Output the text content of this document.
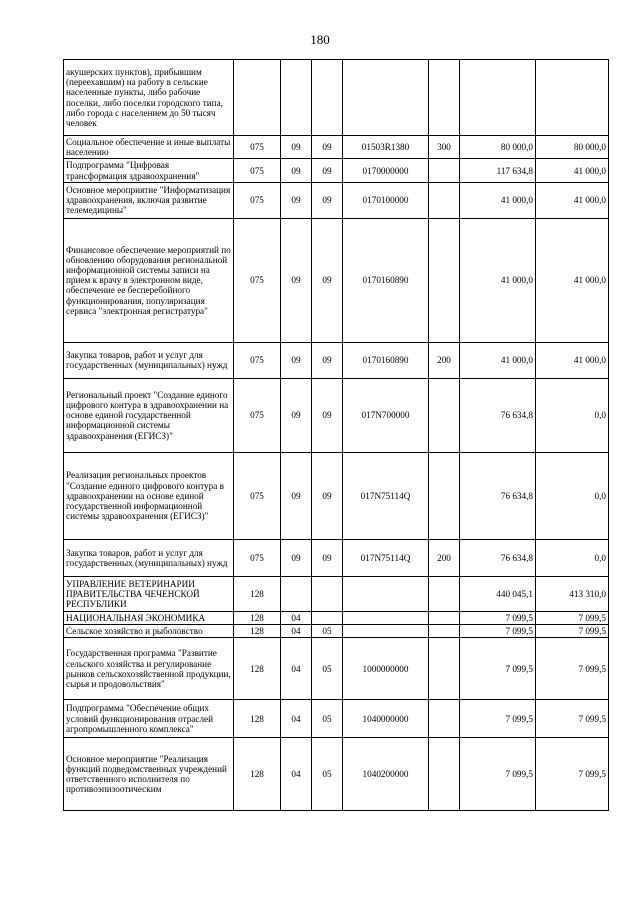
180
акушерских пунктов), прибывшим (переехавшим) на работу в сельские населенные пункты, либо рабочие поселки, либо поселки городского типа, либо города с населением до 50 тысяч человек							
Социальное обеспечение и иные выплаты населению	075	09	09	01503R1380	300	80 000,0	80 000,0
Подпрограмма "Цифровая трансформация здравоохранения"	075	09	09	0170000000		117 634,8	41 000,0
Основное мероприятие "Информатизация здравоохранения, включая развитие телемедицины"	075	09	09	0170100000		41 000,0	41 000,0
Финансовое обеспечение мероприятий по обновлению оборудования региональной информационной системы записи на прием к врачу в электронном виде, обеспечение ее бесперебойного функционирования, популяризация сервиса "электронная регистратура"	075	09	09	0170160890		41 000,0	41 000,0
Закупка товаров, работ и услуг для государственных (муниципальных) нужд	075	09	09	0170160890	200	41 000,0	41 000,0
Региональный проект "Создание единого цифрового контура в здравоохранении на основе единой государственной информационной системы здравоохранения (ЕГИСЗ)"	075	09	09	017N700000		76 634,8	0,0
Реализация региональных проектов "Создание единого цифрового контура в здравоохранении на основе единой государственной информационной системы здравоохранения (ЕГИСЗ)"	075	09	09	017N75114Q		76 634,8	0,0
Закупка товаров, работ и услуг для государственных (муниципальных) нужд	075	09	09	017N75114Q	200	76 634,8	0,0
УПРАВЛЕНИЕ ВЕТЕРИНАРИИ ПРАВИТЕЛЬСТВА ЧЕЧЕНСКОЙ РЕСПУБЛИКИ	128					440 045,1	413 310,0
НАЦИОНАЛЬНАЯ ЭКОНОМИКА	128	04				7 099,5	7 099,5
Сельское хозяйство и рыболовство	128	04	05			7 099,5	7 099,5
Государственная программа "Развитие сельского хозяйства и регулирование рынков сельскохозяйственной продукции, сырья и продовольствия"	128	04	05	1000000000		7 099,5	7 099,5
Подпрограмма "Обеспечение общих условий функционирования отраслей агропромышленного комплекса"	128	04	05	1040000000		7 099,5	7 099,5
Основное мероприятие "Реализация функций подведомственных учреждений ответственного исполнителя по противоэпизоотическим	128	04	05	1040200000		7 099,5	7 099,5
